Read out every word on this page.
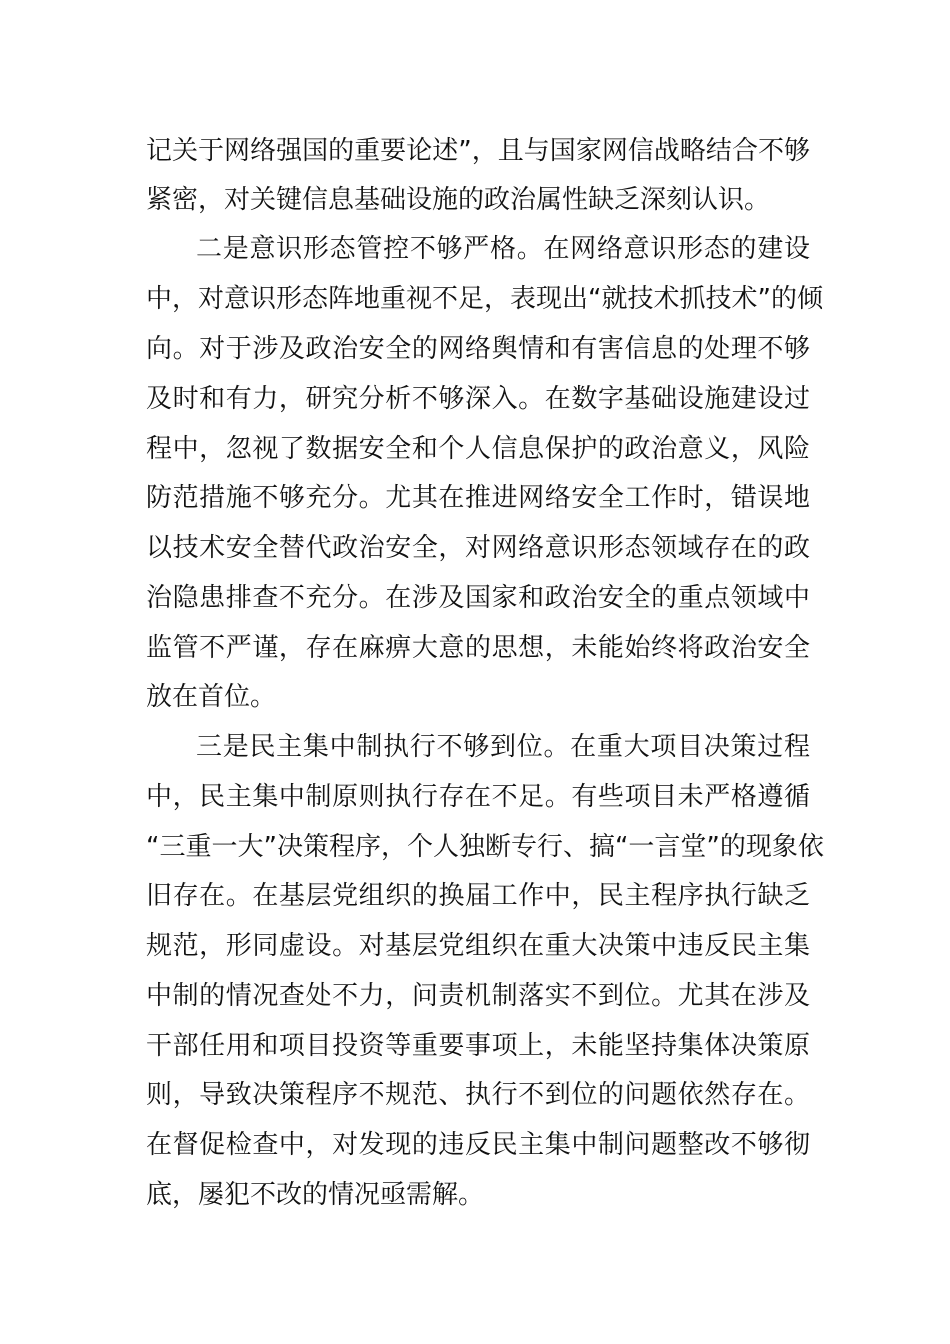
记关于网络强国的重要论述”，且与国家网信战略结合不够
紧密，对关键信息基础设施的政治属性缺乏深刻认识。
二是意识形态管控不够严格。在网络意识形态的建设
中，对意识形态阵地重视不足，表现出“就技术抓技术”的倾
向。对于涉及政治安全的网络舆情和有害信息的处理不够
及时和有力，研究分析不够深入。在数字基础设施建设过
程中，忽视了数据安全和个人信息保护的政治意义，风险
防范措施不够充分。尤其在推进网络安全工作时，错误地
以技术安全替代政治安全，对网络意识形态领域存在的政
治隐患排查不充分。在涉及国家和政治安全的重点领域中
监管不严谨，存在麻痹大意的思想，未能始终将政治安全
放在首位。
三是民主集中制执行不够到位。在重大项目决策过程
中，民主集中制原则执行存在不足。有些项目未严格遵循
“三重一大”决策程序，个人独断专行、搞“一言堂”的现象依
旧存在。在基层党组织的换届工作中，民主程序执行缺乏
规范，形同虚设。对基层党组织在重大决策中违反民主集
中制的情况查处不力，问责机制落实不到位。尤其在涉及
干部任用和项目投资等重要事项上，未能坚持集体决策原
则，导致决策程序不规范、执行不到位的问题依然存在。
在督促检查中，对发现的违反民主集中制问题整改不够彻
底，屡犯不改的情况亟需解。
